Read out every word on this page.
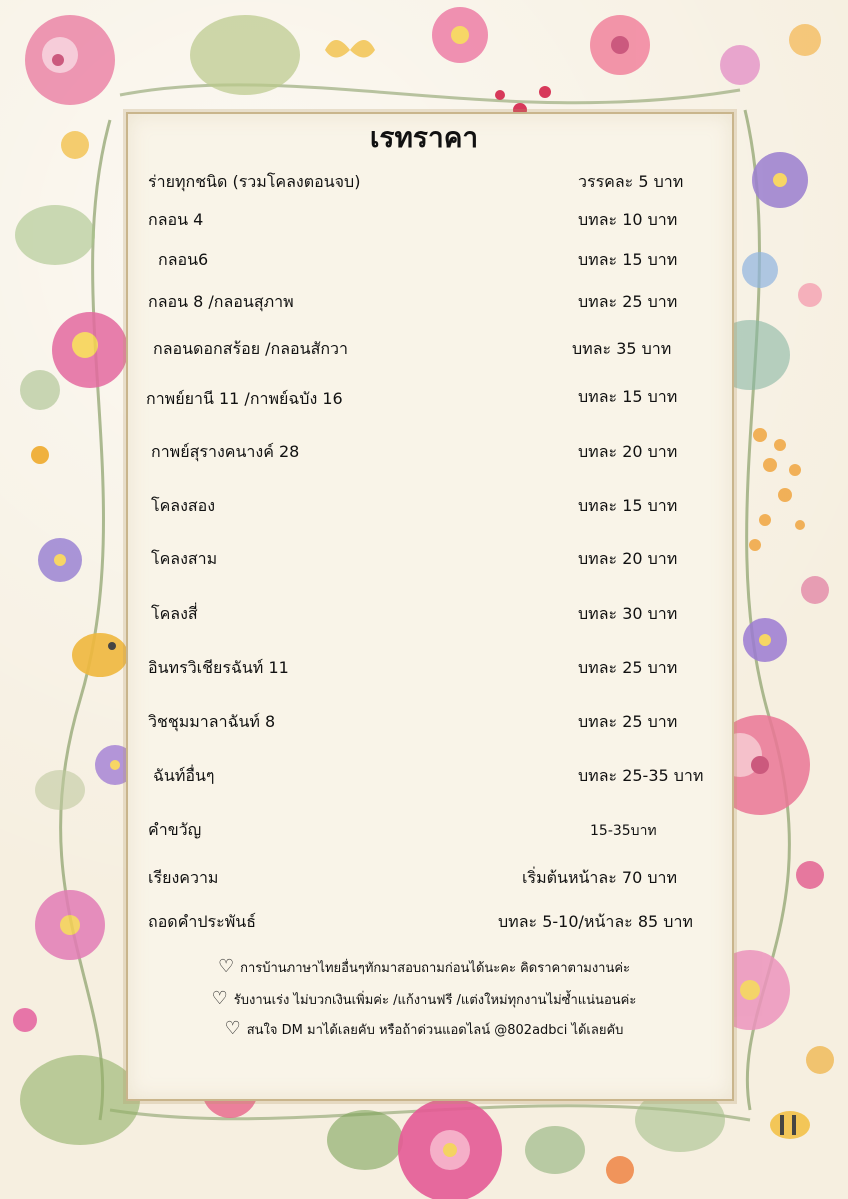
เรทราคา
ร่ายทุกชนิด (รวมโคลงตอนจบ)	วรรคละ 5 บาท
กลอน 4	บทละ 10 บาท
กลอน6	บทละ 15 บาท
กลอน 8 /กลอนสุภาพ	บทละ 25 บาท
กลอนดอกสร้อย /กลอนสักวา	บทละ 35 บาท
กาพย์ยานี 11 /กาพย์ฉบัง 16	บทละ 15 บาท
กาพย์สุรางคนางค์ 28	บทละ 20 บาท
โคลงสอง	บทละ 15 บาท
โคลงสาม	บทละ 20 บาท
โคลงสี่	บทละ 30 บาท
อินทรวิเชียรฉันท์ 11	บทละ 25 บาท
วิชชุมมาลาฉันท์ 8	บทละ 25 บาท
ฉันท์อื่นๆ	บทละ 25-35 บาท
คำขวัญ	15-35บาท
เรียงความ	เริ่มต้นหน้าละ 70 บาท
ถอดคำประพันธ์	บทละ 5-10/หน้าละ 85 บาท
♡ การบ้านภาษาไทยอื่นๆทักมาสอบถามก่อนได้นะคะ คิดราคาตามงานค่ะ
♡ รับงานเร่ง ไม่บวกเงินเพิ่มค่ะ /แก้งานฟรี /แต่งใหม่ทุกงานไม่ซ้ำแน่นอนค่ะ
♡ สนใจ DM มาได้เลยคับ หรือถ้าด่วนแอดไลน์ @802adbci ได้เลยคับ
